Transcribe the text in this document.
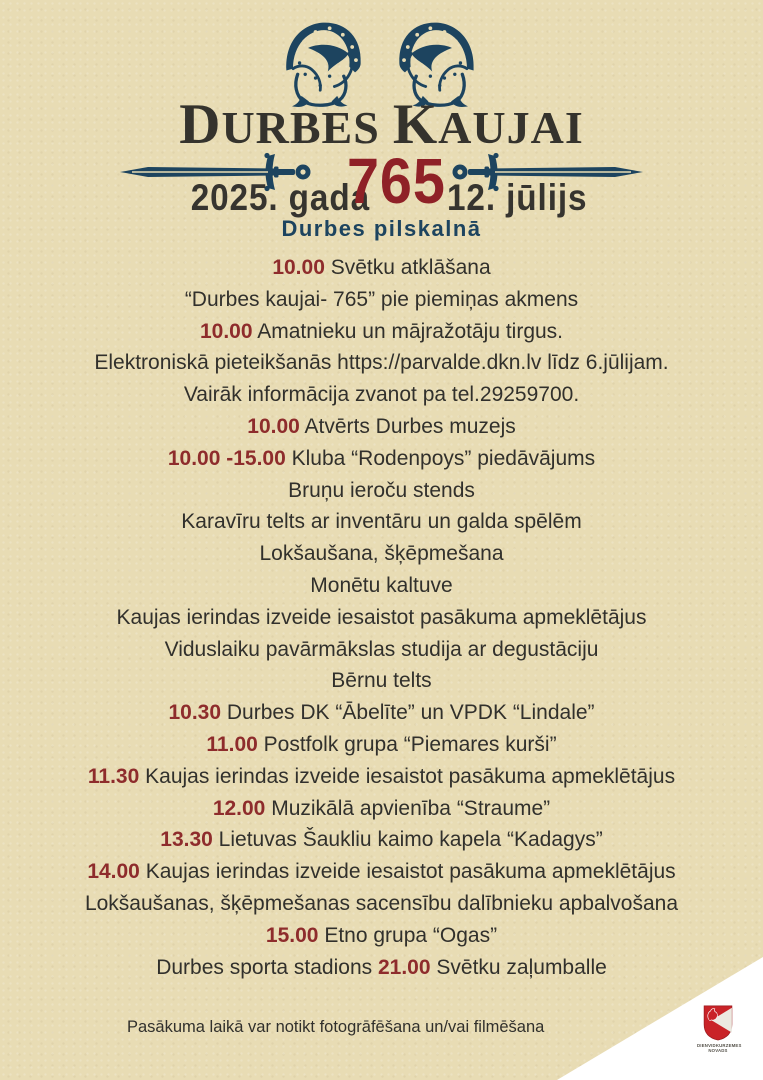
DURBES KAUJAI
2025. gada
765 12. jūlijs
Durbes pilskalnā
10.00 Svētku atklāšana
“Durbes kaujai- 765” pie piemiņas akmens
10.00 Amatnieku un mājražotāju tirgus.
Elektroniskā pieteikšanās https://parvalde.dkn.lv līdz 6.jūlijam.
Vairāk informācija zvanot pa tel.29259700.
10.00 Atvērts Durbes muzejs
10.00 -15.00 Kluba “Rodenpoys” piedāvājums
Bruņu ieroču stends
Karavīru telts ar inventāru un galda spēlēm
Lokšaušana, šķēpmešana
Monētu kaltuve
Kaujas ierindas izveide iesaistot pasākuma apmeklētājus
Viduslaiku pavārmākslas studija ar degustāciju
Bērnu telts
10.30 Durbes DK “Ābelīte” un VPDK “Lindale”
11.00 Postfolk grupa “Piemares kurši”
11.30 Kaujas ierindas izveide iesaistot pasākuma apmeklētājus
12.00 Muzikālā apvienība “Straume”
13.30 Lietuvas Šaukliu kaimo kapela “Kadagys”
14.00 Kaujas ierindas izveide iesaistot pasākuma apmeklētājus
Lokšaušanas, šķēpmešanas sacensību dalībnieku apbalvošana
15.00 Etno grupa “Ogas”
Durbes sporta stadions 21.00 Svētku zaļumballe
DIENVIDKURZEMES
NOVADS
Pasākuma laikā var notikt fotogrāfēšana un/vai filmēšana
